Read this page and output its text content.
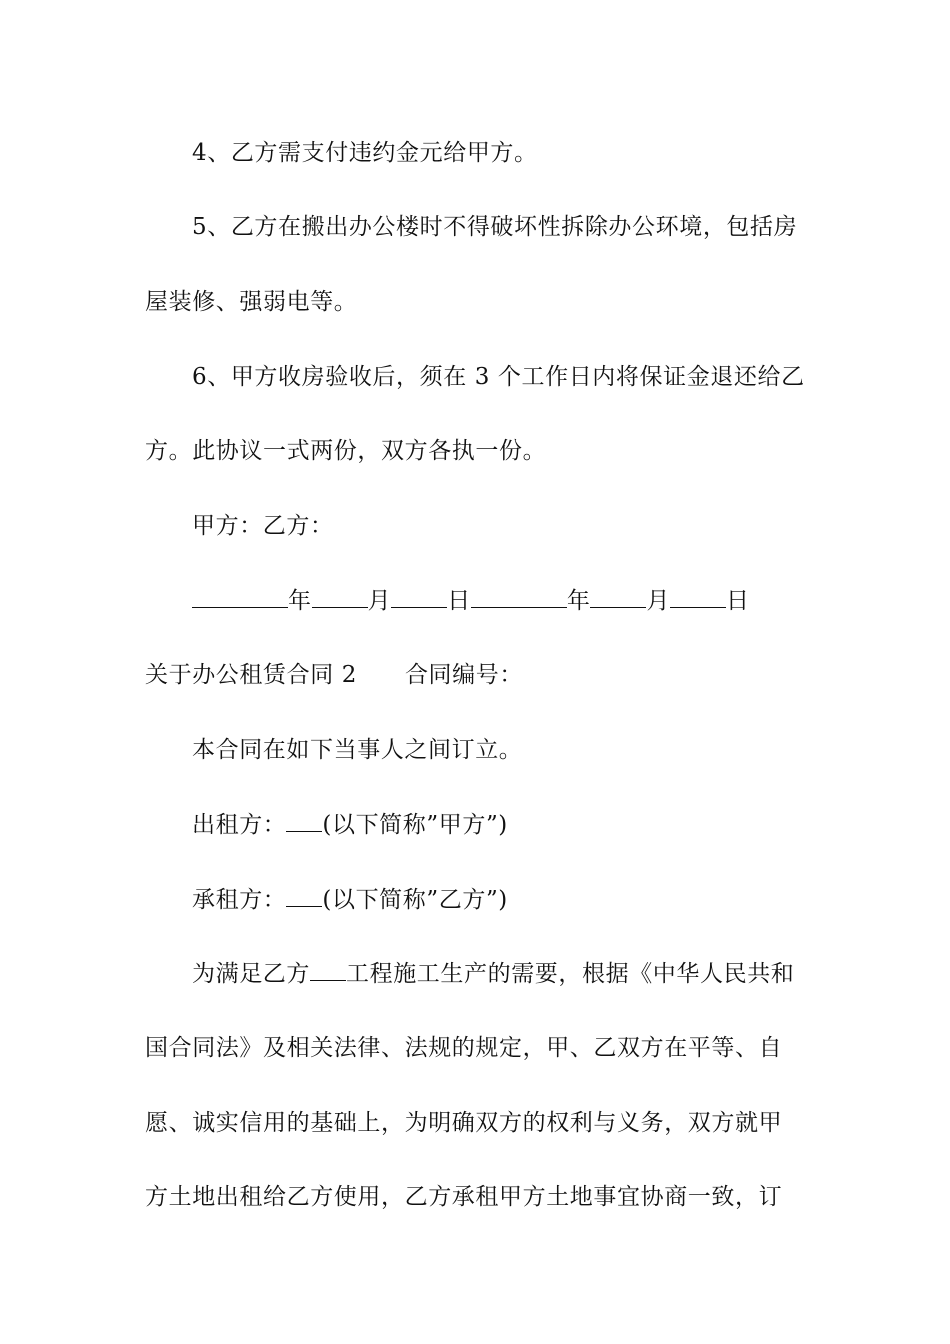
4、乙方需支付违约金元给甲方。
5、乙方在搬出办公楼时不得破坏性拆除办公环境，包括房
屋装修、强弱电等。
6、甲方收房验收后，须在 3 个工作日内将保证金退还给乙
方。此协议一式两份，双方各执一份。
甲方：乙方：
年 月 日	年 月 日
关于办公租赁合同 2 合同编号：
本合同在如下当事人之间订立。
出租方： (以下简称”甲方”)
承租方： (以下简称”乙方”)
为满足乙方 工程施工生产的需要，根据《中华人民共和
国合同法》及相关法律、法规的规定，甲、乙双方在平等、自
愿、诚实信用的基础上，为明确双方的权利与义务，双方就甲
方土地出租给乙方使用，乙方承租甲方土地事宜协商一致，订
